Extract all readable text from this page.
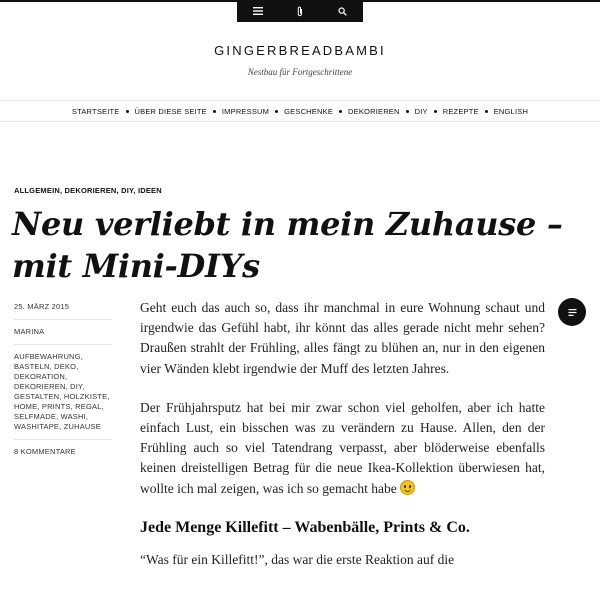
GINGERBREADBAMBI
Nestbau für Fortgeschrittene
STARTSEITE ÜBER DIESE SEITE IMPRESSUM GESCHENKE DEKORIEREN DIY REZEPTE ENGLISH
ALLGEMEIN, DEKORIEREN, DIY, IDEEN
Neu verliebt in mein Zuhause – mit Mini-DIYs
25. MÄRZ 2015
MARINA
AUFBEWAHRUNG, BASTELN, DEKO, DEKORATION, DEKORIEREN, DIY, GESTALTEN, HOLZKISTE, HOME, PRINTS, REGAL, SELFMADE, WASHI, WASHITAPE, ZUHAUSE
8 KOMMENTARE

Geht euch das auch so, dass ihr manchmal in eure Wohnung schaut und irgendwie das Gefühl habt, ihr könnt das alles gerade nicht mehr sehen? Draußen strahlt der Frühling, alles fängt zu blühen an, nur in den eigenen vier Wänden klebt irgendwie der Muff des letzten Jahres.

Der Frühjahrsputz hat bei mir zwar schon viel geholfen, aber ich hatte einfach Lust, ein bisschen was zu verändern zu Hause. Allen, den der Frühling auch so viel Tatendrang verpasst, aber blöderweise ebenfalls keinen dreistelligen Betrag für die neue Ikea-Kollektion überwiesen hat, wollte ich mal zeigen, was ich so gemacht habe

Jede Menge Killefitt – Wabenbälle, Prints & Co.

“Was für ein Killefitt!”, das war die erste Reaktion auf die
